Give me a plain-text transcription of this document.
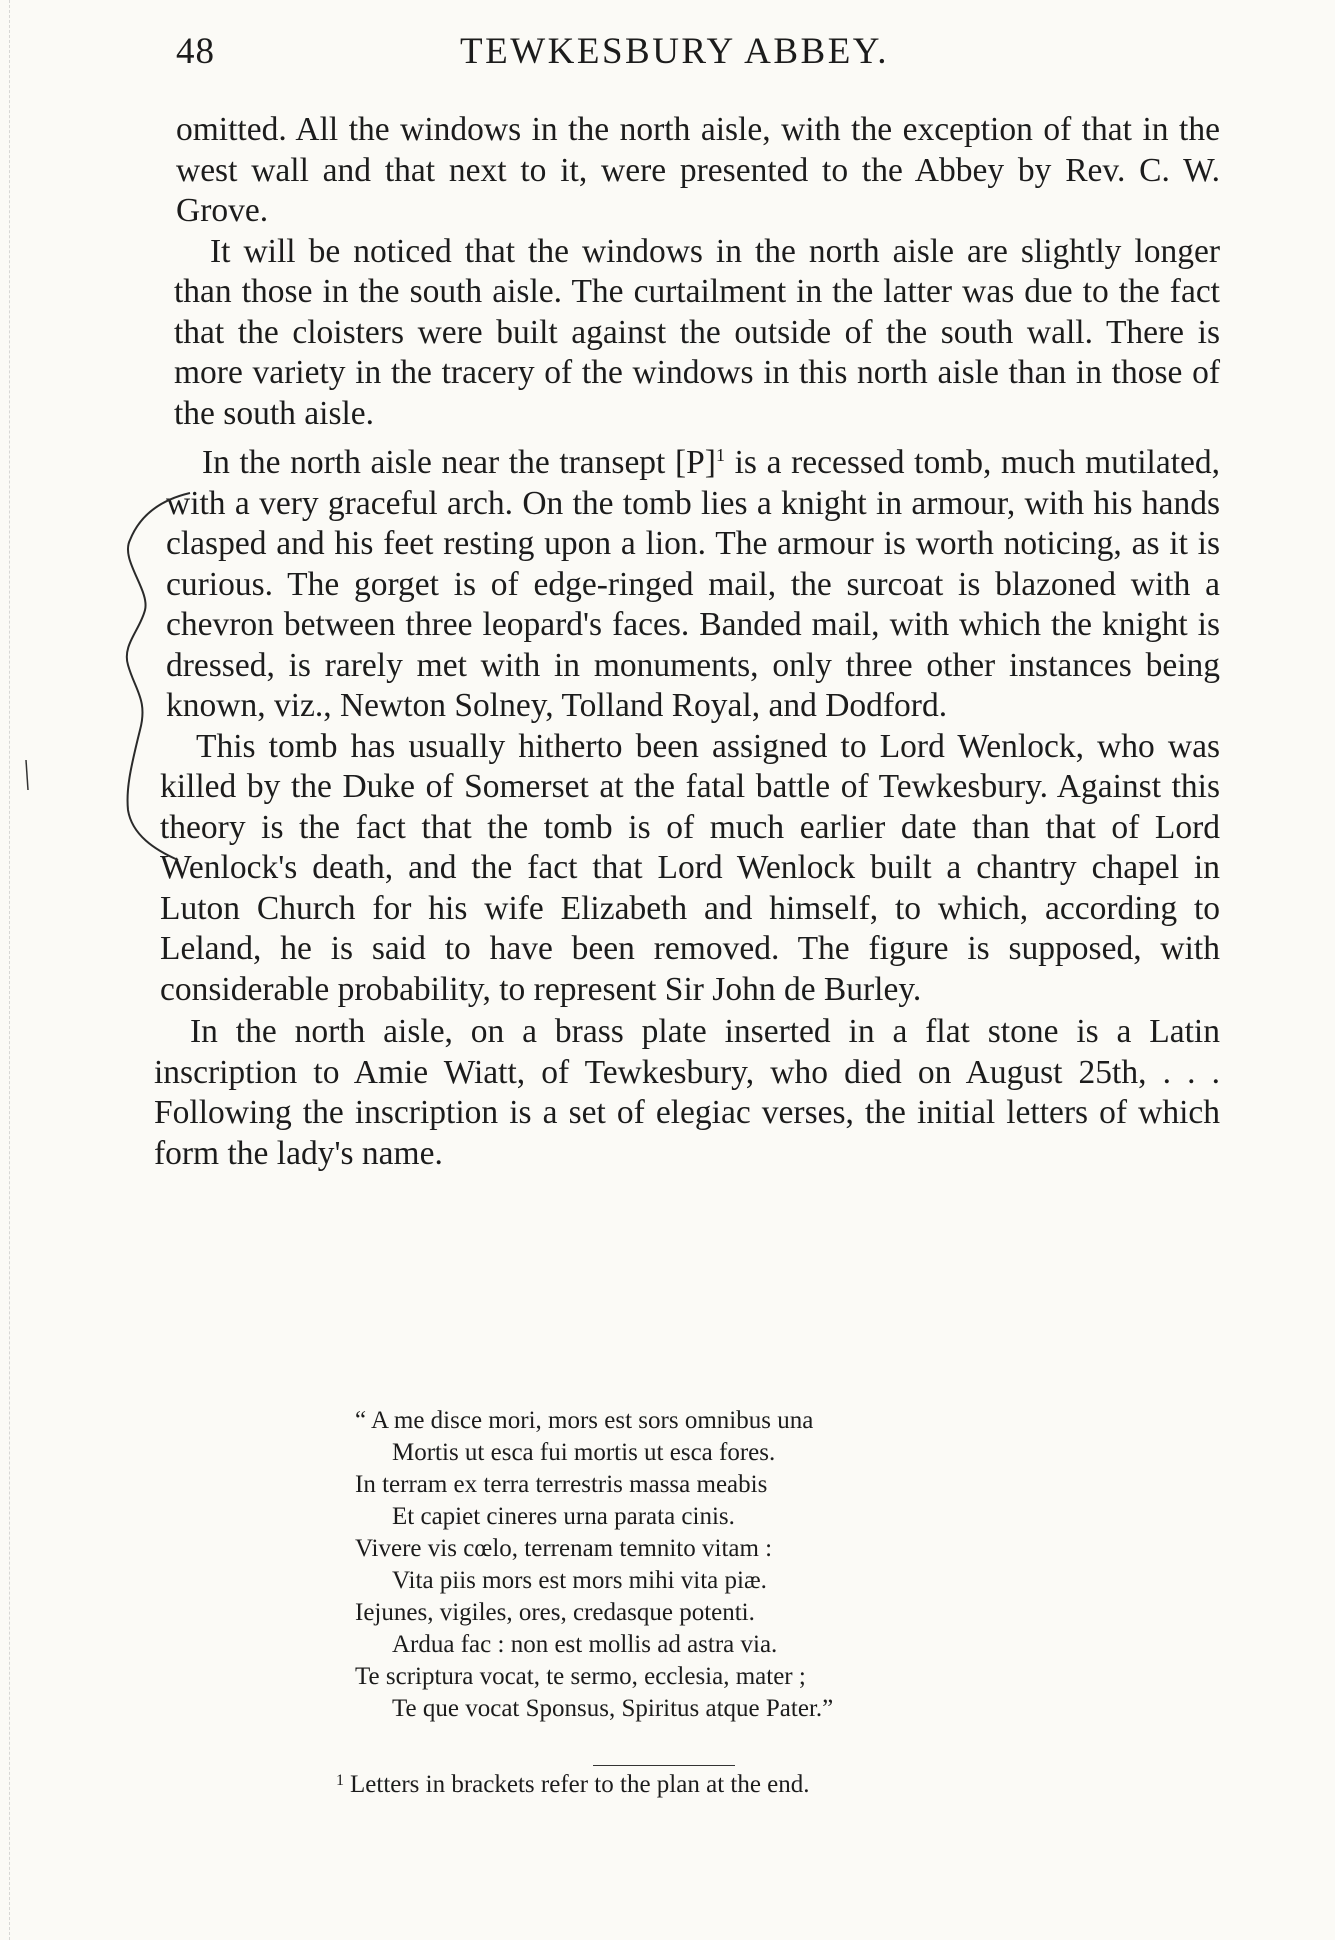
48	TEWKESBURY ABBEY.

omitted. All the windows in the north aisle, with the exception of that in the west wall and that next to it, were presented to the Abbey by Rev. C. W. Grove.

It will be noticed that the windows in the north aisle are slightly longer than those in the south aisle. The curtailment in the latter was due to the fact that the cloisters were built against the outside of the south wall. There is more variety in the tracery of the windows in this north aisle than in those of the south aisle.

In the north aisle near the transept $[P]^1$ is a recessed tomb, much mutilated, with a very graceful arch. On the tomb lies a knight in armour, with his hands clasped and his feet resting upon a lion. The armour is worth noticing, as it is curious. The gorget is of edge-ringed mail, the surcoat is blazoned with a chevron between three leopard's faces. Banded mail, with which the knight is dressed, is rarely met with in monuments, only three other instances being known, viz., Newton Solney, Tolland Royal, and Dodford.

This tomb has usually hitherto been assigned to Lord Wenlock, who was killed by the Duke of Somerset at the fatal battle of Tewkesbury. Against this theory is the fact that the tomb is of much earlier date than that of Lord Wenlock's death, and the fact that Lord Wenlock built a chantry chapel in Luton Church for his wife Elizabeth and himself, to which, according to Leland, he is said to have been removed. The figure is supposed, with considerable probability, to represent Sir John de Burley.

In the north aisle, on a brass plate inserted in a flat stone is a Latin inscription to Amie Wiatt, of Tewkesbury, who died on August 25th, . . . Following the inscription is a set of elegiac verses, the initial letters of which form the lady's name.

“ A me disce mori, mors est sors omnibus una
Mortis ut esca fui mortis ut esca fores.
In terram ex terra terrestris massa meabis
Et capiet cineres urna parata cinis.
Vivere vis cœlo, terrenam temnito vitam :
Vita piis mors est mors mihi vita piæ.
Iejunes, vigiles, ores, credasque potenti.
Ardua fac : non est mollis ad astra via.
Te scriptura vocat, te sermo, ecclesia, mater ;
Te que vocat Sponsus, Spiritus atque Pater.”
$^1$ Letters in brackets refer to the plan at the end.
